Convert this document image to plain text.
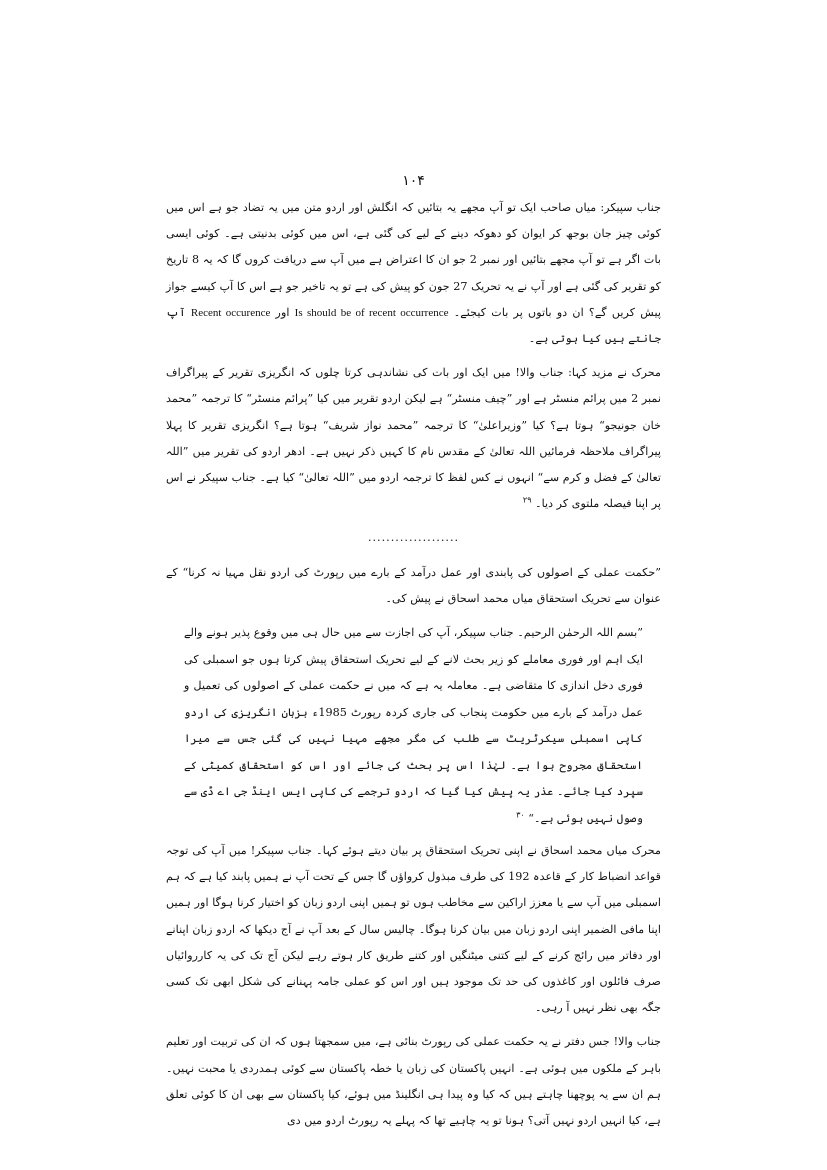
۱۰۴

جناب سپیکر: میاں صاحب ایک تو آپ مجھے یہ بتائیں کہ انگلش اور اردو متن میں یہ تضاد جو ہے اس میں کوئی چیز جان بوجھ کر ایوان کو دھوکہ دینے کے لیے کی گئی ہے، اس میں کوئی بدنیتی ہے۔ کوئی ایسی بات اگر ہے تو آپ مجھے بتائیں اور نمبر 2 جو ان کا اعتراض ہے میں آپ سے دریافت کروں گا کہ یہ 8 تاریخ کو تقریر کی گئی ہے اور آپ نے یہ تحریک 27 جون کو پیش کی ہے تو یہ تاخیر جو ہے اس کا آپ کیسے جواز پیش کریں گے؟ ان دو باتوں پر بات کیجئے۔ Is should be of recent occurrence اور Recent occurence آپ جانتے ہیں کیا ہوتی ہے۔

محرک نے مزید کہا: جناب والا! میں ایک اور بات کی نشاندہی کرتا چلوں کہ انگریزی تقریر کے پیراگراف نمبر 2 میں پرائم منسٹر ہے اور ”چیف منسٹر“ ہے لیکن اردو تقریر میں کیا ”پرائم منسٹر“ کا ترجمہ ”محمد خان جونیجو“ ہوتا ہے؟ کیا ”وزیراعلیٰ“ کا ترجمہ ”محمد نواز شریف“ ہوتا ہے؟ انگریزی تقریر کا پہلا پیراگراف ملاحظہ فرمائیں اللہ تعالیٰ کے مقدس نام کا کہیں ذکر نہیں ہے۔ ادھر اردو کی تقریر میں ”اللہ تعالیٰ کے فضل و کرم سے“ انہوں نے کس لفظ کا ترجمہ اردو میں ”اللہ تعالیٰ“ کیا ہے۔ جناب سپیکر نے اس پر اپنا فیصلہ ملتوی کر دیا۔ $^{۲۹}$

....................

”حکمت عملی کے اصولوں کی پابندی اور عمل درآمد کے بارے میں رپورٹ کی اردو نقل مہیا نہ کرنا“ کے عنوان سے تحریک استحقاق میاں محمد اسحاق نے پیش کی۔

”بسم اللہ الرحمٰن الرحیم۔ جناب سپیکر، آپ کی اجازت سے میں حال ہی میں وقوع پذیر ہونے والے ایک اہم اور فوری معاملے کو زیر بحث لانے کے لیے تحریک استحقاق پیش کرتا ہوں جو اسمبلی کی فوری دخل اندازی کا متقاضی ہے۔ معاملہ یہ ہے کہ میں نے حکمت عملی کے اصولوں کی تعمیل و عمل درآمد کے بارے میں حکومت پنجاب کی جاری کردہ رپورٹ 1985ء بزبان انگریزی کی اردو کاپی اسمبلی سیکرٹریٹ سے طلب کی مگر مجھے مہیا نہیں کی گئی جس سے میرا استحقاق مجروح ہوا ہے۔ لہٰذا اس پر بحث کی جائے اور اس کو استحقاق کمیٹی کے سپرد کیا جائے۔ عذر یہ پیش کیا گیا کہ اردو ترجمے کی کاپی ایس اینڈ جی اے ڈی سے وصول نہیں ہوئی ہے۔“ $^{۳۰}$

محرک میاں محمد اسحاق نے اپنی تحریک استحقاق پر بیان دیتے ہوئے کہا۔ جناب سپیکر! میں آپ کی توجہ قواعد انضباط کار کے قاعدہ 192 کی طرف مبذول کرواؤں گا جس کے تحت آپ نے ہمیں پابند کیا ہے کہ ہم اسمبلی میں آپ سے یا معزز اراکین سے مخاطب ہوں تو ہمیں اپنی اردو زبان کو اختیار کرنا ہوگا اور ہمیں اپنا مافی الضمیر اپنی اردو زبان میں بیان کرنا ہوگا۔ چالیس سال کے بعد آپ نے آج دیکھا کہ اردو زبان اپنانے اور دفاتر میں رائج کرنے کے لیے کتنی میٹنگیں اور کتنے طریق کار ہوتے رہے لیکن آج تک کی یہ کارروائیاں صرف فائلوں اور کاغذوں کی حد تک موجود ہیں اور اس کو عملی جامہ پہنانے کی شکل ابھی تک کسی جگہ بھی نظر نہیں آ رہی۔

جناب والا! جس دفتر نے یہ حکمت عملی کی رپورٹ بنائی ہے، میں سمجھتا ہوں کہ ان کی تربیت اور تعلیم باہر کے ملکوں میں ہوئی ہے۔ انہیں پاکستان کی زبان یا خطہ پاکستان سے کوئی ہمدردی یا محبت نہیں۔ ہم ان سے یہ پوچھنا چاہتے ہیں کہ کیا وہ پیدا ہی انگلینڈ میں ہوئے، کیا پاکستان سے بھی ان کا کوئی تعلق ہے، کیا انہیں اردو نہیں آتی؟ ہونا تو یہ چاہیے تھا کہ پہلے یہ رپورٹ اردو میں دی
